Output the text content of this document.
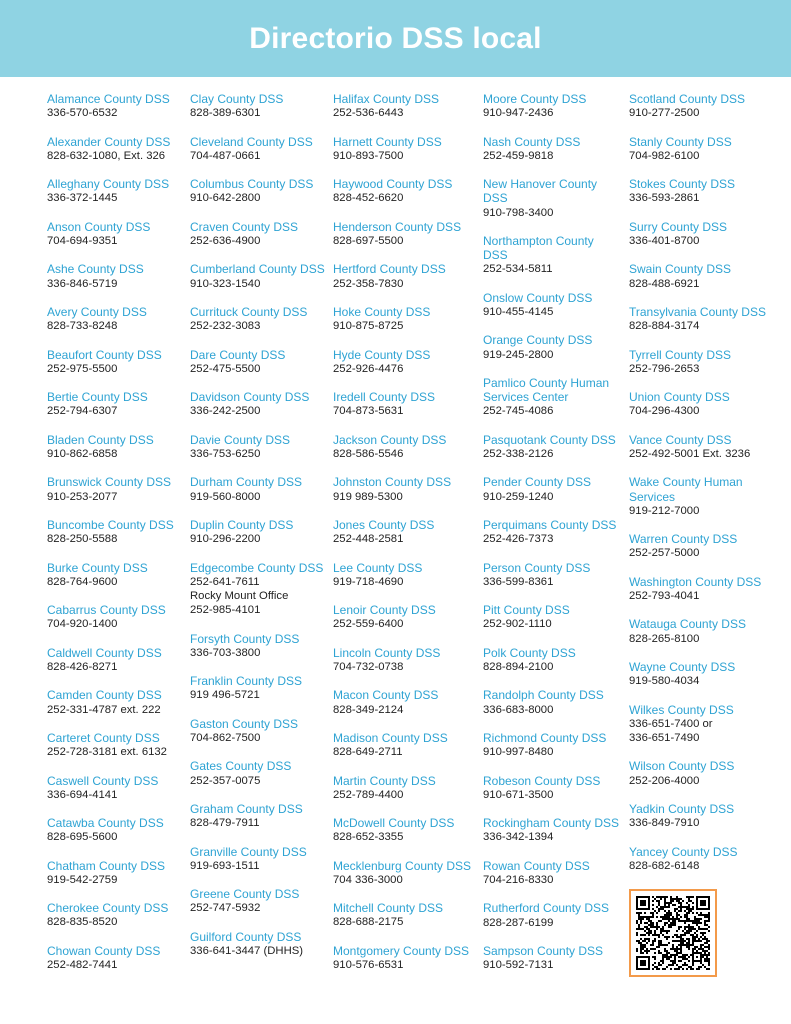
Directorio DSS local
Alamance County DSS
336-570-6532
Alexander County DSS
828-632-1080, Ext. 326
Alleghany County DSS
336-372-1445
Anson County DSS
704-694-9351
Ashe County DSS
336-846-5719
Avery County DSS
828-733-8248
Beaufort County DSS
252-975-5500
Bertie County DSS
252-794-6307
Bladen County DSS
910-862-6858
Brunswick County DSS
910-253-2077
Buncombe County DSS
828-250-5588
Burke County DSS
828-764-9600
Cabarrus County DSS
704-920-1400
Caldwell County DSS
828-426-8271
Camden County DSS
252-331-4787 ext. 222
Carteret County DSS
252-728-3181 ext. 6132
Caswell County DSS
336-694-4141
Catawba County DSS
828-695-5600
Chatham County DSS
919-542-2759
Cherokee County DSS
828-835-8520
Chowan County DSS
252-482-7441
Clay County DSS
828-389-6301
Cleveland County DSS
704-487-0661
Columbus County DSS
910-642-2800
Craven County DSS
252-636-4900
Cumberland County DSS
910-323-1540
Currituck County DSS
252-232-3083
Dare County DSS
252-475-5500
Davidson County DSS
336-242-2500
Davie County DSS
336-753-6250
Durham County DSS
919-560-8000
Duplin County DSS
910-296-2200
Edgecombe County DSS
252-641-7611
Rocky Mount Office
252-985-4101
Forsyth County DSS
336-703-3800
Franklin County DSS
919 496-5721
Gaston County DSS
704-862-7500
Gates County DSS
252-357-0075
Graham County DSS
828-479-7911
Granville County DSS
919-693-1511
Greene County DSS
252-747-5932
Guilford County DSS
336-641-3447 (DHHS)
Halifax County DSS
252-536-6443
Harnett County DSS
910-893-7500
Haywood County DSS
828-452-6620
Henderson County DSS
828-697-5500
Hertford County DSS
252-358-7830
Hoke County DSS
910-875-8725
Hyde County DSS
252-926-4476
Iredell County DSS
704-873-5631
Jackson County DSS
828-586-5546
Johnston County DSS
919 989-5300
Jones County DSS
252-448-2581
Lee County DSS
919-718-4690
Lenoir County DSS
252-559-6400
Lincoln County DSS
704-732-0738
Macon County DSS
828-349-2124
Madison County DSS
828-649-2711
Martin County DSS
252-789-4400
McDowell County DSS
828-652-3355
Mecklenburg County DSS
704 336-3000
Mitchell County DSS
828-688-2175
Montgomery County DSS
910-576-6531
Moore County DSS
910-947-2436
Nash County DSS
252-459-9818
New Hanover County DSS
910-798-3400
Northampton County DSS
252-534-5811
Onslow County DSS
910-455-4145
Orange County DSS
919-245-2800
Pamlico County Human Services Center
252-745-4086
Pasquotank County DSS
252-338-2126
Pender County DSS
910-259-1240
Perquimans County DSS
252-426-7373
Person County DSS
336-599-8361
Pitt County DSS
252-902-1110
Polk County DSS
828-894-2100
Randolph County DSS
336-683-8000
Richmond County DSS
910-997-8480
Robeson County DSS
910-671-3500
Rockingham County DSS
336-342-1394
Rowan County DSS
704-216-8330
Rutherford County DSS
828-287-6199
Sampson County DSS
910-592-7131
Scotland County DSS
910-277-2500
Stanly County DSS
704-982-6100
Stokes County DSS
336-593-2861
Surry County DSS
336-401-8700
Swain County DSS
828-488-6921
Transylvania County DSS
828-884-3174
Tyrrell County DSS
252-796-2653
Union County DSS
704-296-4300
Vance County DSS
252-492-5001 Ext. 3236
Wake County Human Services
919-212-7000
Warren County DSS
252-257-5000
Washington County DSS
252-793-4041
Watauga County DSS
828-265-8100
Wayne County DSS
919-580-4034
Wilkes County DSS
336-651-7400 or
336-651-7490
Wilson County DSS
252-206-4000
Yadkin County DSS
336-849-7910
Yancey County DSS
828-682-6148
